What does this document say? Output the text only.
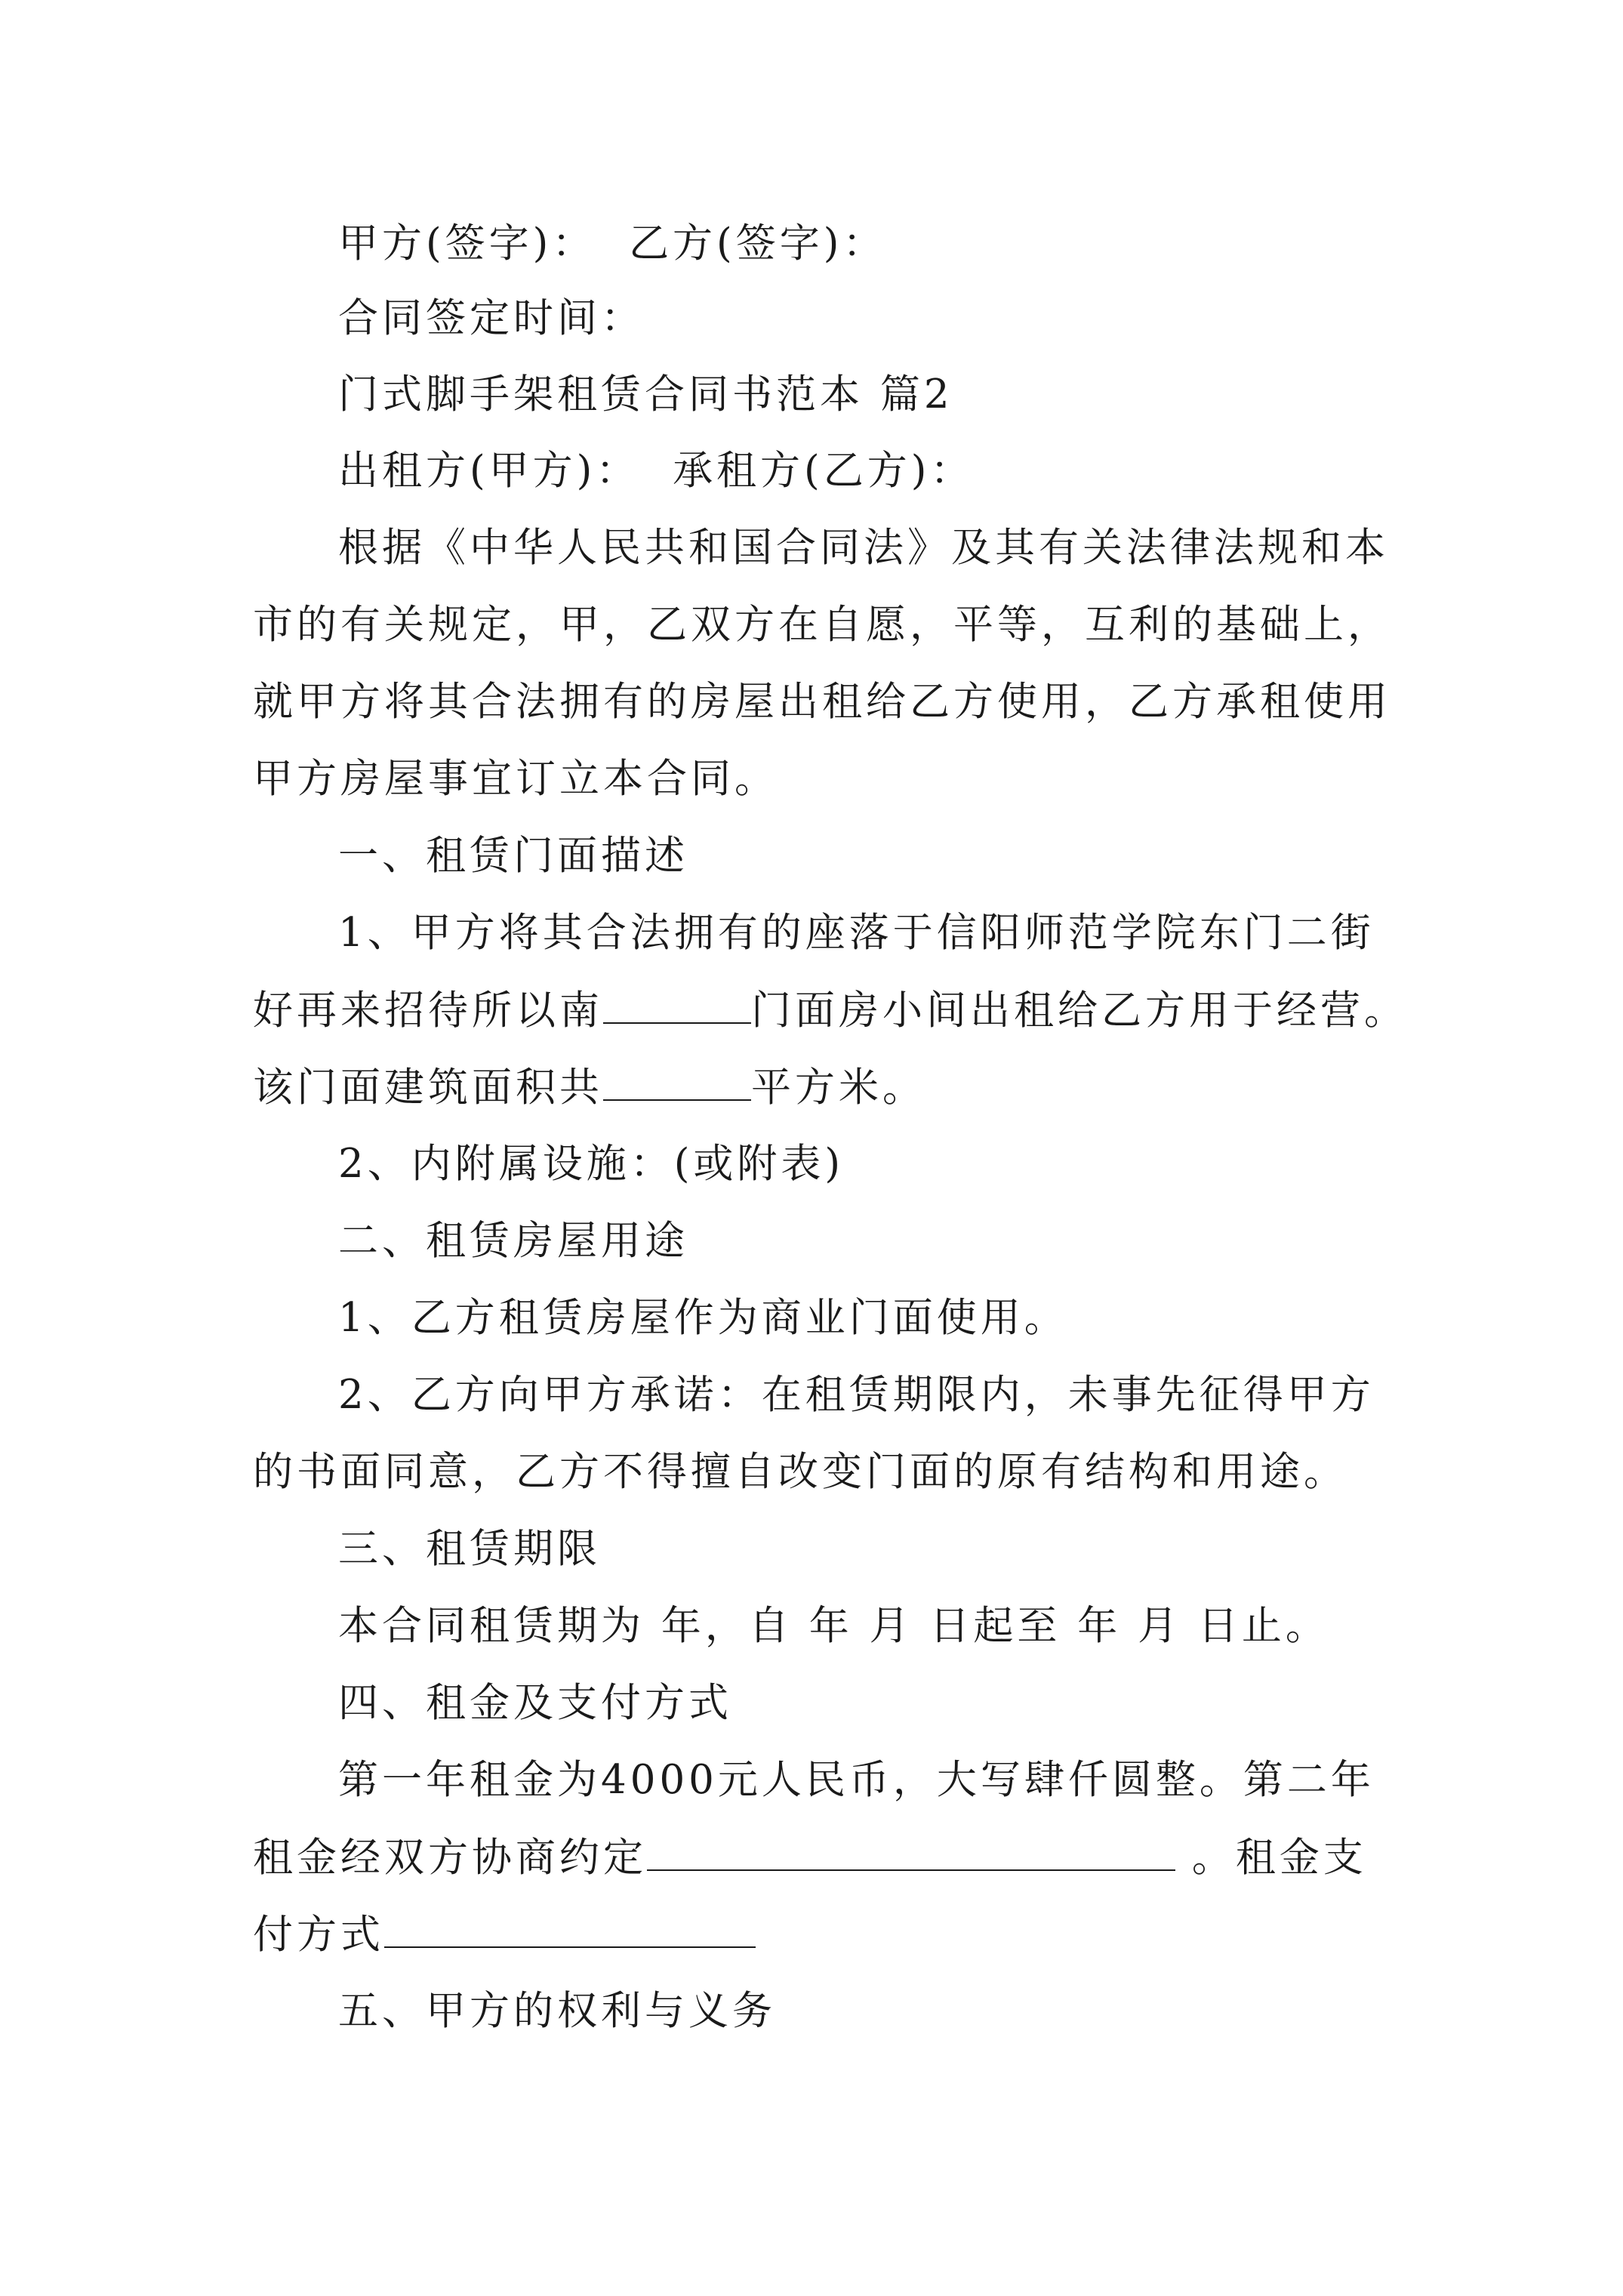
甲方(签字)： 乙方(签字)：
合同签定时间：
门式脚手架租赁合同书范本 篇2
出租方(甲方)： 承租方(乙方)：
根据《中华人民共和国合同法》及其有关法律法规和本
市的有关规定，甲，乙双方在自愿，平等，互利的基础上，
就甲方将其合法拥有的房屋出租给乙方使用，乙方承租使用
甲方房屋事宜订立本合同。
一、租赁门面描述
1、甲方将其合法拥有的座落于信阳师范学院东门二街
好再来招待所以南	门面房小间出租给乙方用于经营。
该门面建筑面积共	平方米。
2、内附属设施：(或附表)
二、租赁房屋用途
1、乙方租赁房屋作为商业门面使用。
2、乙方向甲方承诺：在租赁期限内，未事先征得甲方
的书面同意，乙方不得擅自改变门面的原有结构和用途。
三、租赁期限
本合同租赁期为 年，自 年 月 日起至 年 月 日止。
四、租金及支付方式
第一年租金为4000元人民币，大写肆仟圆整。第二年
租金经双方协商约定	。租金支
付方式
五、甲方的权利与义务
